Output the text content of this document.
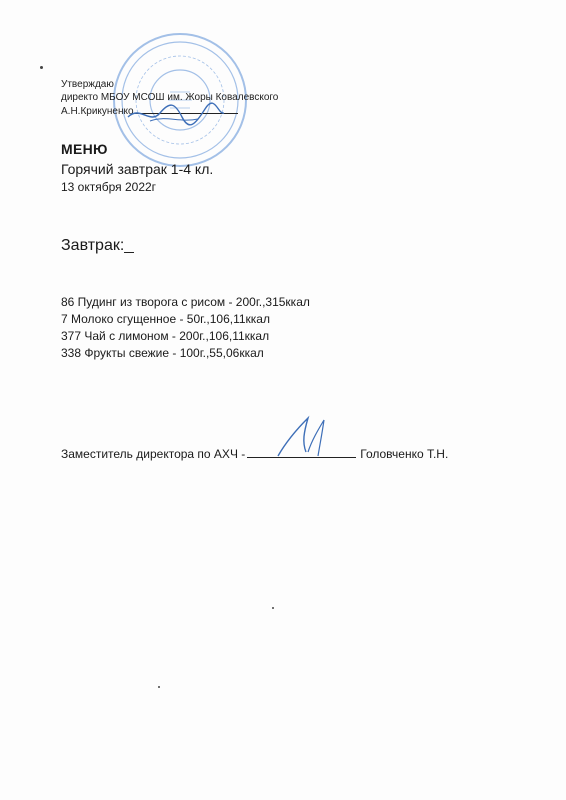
Утверждаю
директо МБОУ МСОШ им. Жоры Ковалевского
А.Н.Крикуненко
МЕНЮ
Горячий завтрак 1-4 кл.
13 октября 2022г
Завтрак:
86 Пудинг из творога с рисом - 200г.,315ккал
7 Молоко сгущенное - 50г.,106,11ккал
377 Чай с лимоном - 200г.,106,11ккал
338 Фрукты свежие - 100г.,55,06ккал
Заместитель директора по АХЧ -	Головченко Т.Н.
